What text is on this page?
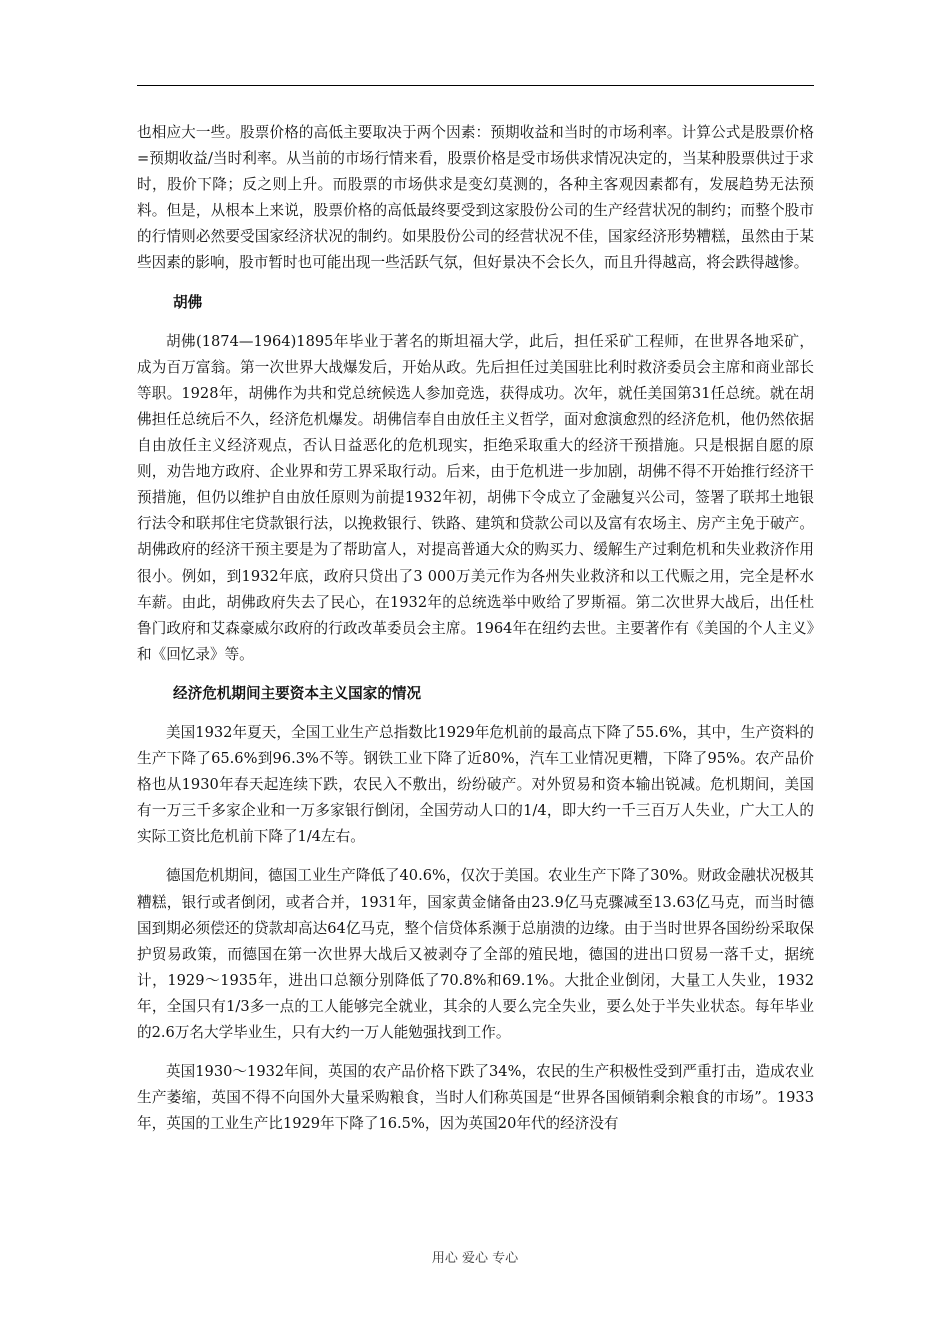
也相应大一些。股票价格的高低主要取决于两个因素：预期收益和当时的市场利率。计算公式是股票价格=预期收益/当时利率。从当前的市场行情来看，股票价格是受市场供求情况决定的，当某种股票供过于求时，股价下降；反之则上升。而股票的市场供求是变幻莫测的，各种主客观因素都有，发展趋势无法预料。但是，从根本上来说，股票价格的高低最终要受到这家股份公司的生产经营状况的制约；而整个股市的行情则必然要受国家经济状况的制约。如果股份公司的经营状况不佳，国家经济形势糟糕，虽然由于某些因素的影响，股市暂时也可能出现一些活跃气氛，但好景决不会长久，而且升得越高，将会跌得越惨。

胡佛

胡佛(1874—1964)1895年毕业于著名的斯坦福大学，此后，担任采矿工程师，在世界各地采矿，成为百万富翁。第一次世界大战爆发后，开始从政。先后担任过美国驻比利时救济委员会主席和商业部长等职。1928年，胡佛作为共和党总统候选人参加竞选，获得成功。次年，就任美国第31任总统。就在胡佛担任总统后不久，经济危机爆发。胡佛信奉自由放任主义哲学，面对愈演愈烈的经济危机，他仍然依据自由放任主义经济观点，否认日益恶化的危机现实，拒绝采取重大的经济干预措施。只是根据自愿的原则，劝告地方政府、企业界和劳工界采取行动。后来，由于危机进一步加剧，胡佛不得不开始推行经济干预措施，但仍以维护自由放任原则为前提1932年初，胡佛下令成立了金融复兴公司，签署了联邦土地银行法令和联邦住宅贷款银行法，以挽救银行、铁路、建筑和贷款公司以及富有农场主、房产主免于破产。胡佛政府的经济干预主要是为了帮助富人，对提高普通大众的购买力、缓解生产过剩危机和失业救济作用很小。例如，到1932年底，政府只贷出了3 000万美元作为各州失业救济和以工代赈之用，完全是杯水车薪。由此，胡佛政府失去了民心，在1932年的总统选举中败给了罗斯福。第二次世界大战后，出任杜鲁门政府和艾森豪威尔政府的行政改革委员会主席。1964年在纽约去世。主要著作有《美国的个人主义》和《回忆录》等。

经济危机期间主要资本主义国家的情况

美国1932年夏天，全国工业生产总指数比1929年危机前的最高点下降了55.6%，其中，生产资料的生产下降了65.6%到96.3%不等。钢铁工业下降了近80%，汽车工业情况更糟，下降了95%。农产品价格也从1930年春天起连续下跌，农民入不敷出，纷纷破产。对外贸易和资本输出锐减。危机期间，美国有一万三千多家企业和一万多家银行倒闭，全国劳动人口的1/4，即大约一千三百万人失业，广大工人的实际工资比危机前下降了1/4左右。

德国危机期间，德国工业生产降低了40.6%，仅次于美国。农业生产下降了30%。财政金融状况极其糟糕，银行或者倒闭，或者合并，1931年，国家黄金储备由23.9亿马克骤减至13.63亿马克，而当时德国到期必须偿还的贷款却高达64亿马克，整个信贷体系濒于总崩溃的边缘。由于当时世界各国纷纷采取保护贸易政策，而德国在第一次世界大战后又被剥夺了全部的殖民地，德国的进出口贸易一落千丈，据统计，1929～1935年，进出口总额分别降低了70.8%和69.1%。大批企业倒闭，大量工人失业，1932年，全国只有1/3多一点的工人能够完全就业，其余的人要么完全失业，要么处于半失业状态。每年毕业的2.6万名大学毕业生，只有大约一万人能勉强找到工作。

英国1930～1932年间，英国的农产品价格下跌了34%，农民的生产积极性受到严重打击，造成农业生产萎缩，英国不得不向国外大量采购粮食，当时人们称英国是“世界各国倾销剩余粮食的市场”。1933年，英国的工业生产比1929年下降了16.5%，因为英国20年代的经济没有

用心 爱心 专心
